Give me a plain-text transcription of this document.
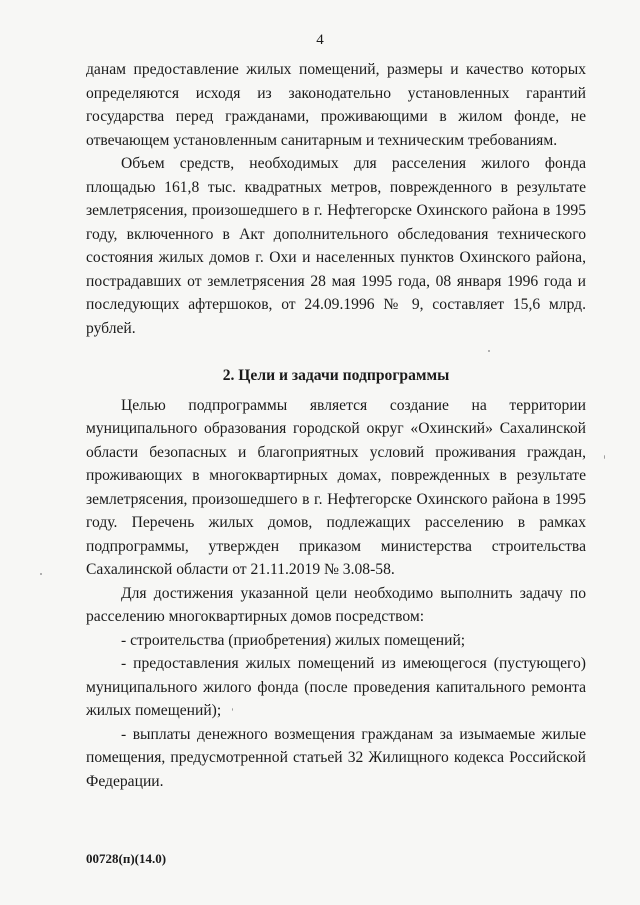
4

данам предоставление жилых помещений, размеры и качество которых определяются исходя из законодательно установленных гарантий государства перед гражданами, проживающими в жилом фонде, не отвечающем установленным санитарным и техническим требованиям.

Объем средств, необходимых для расселения жилого фонда площадью 161,8 тыс. квадратных метров, поврежденного в результате землетрясения, произошедшего в г. Нефтегорске Охинского района в 1995 году, включенного в Акт дополнительного обследования технического состояния жилых домов г. Охи и населенных пунктов Охинского района, пострадавших от землетрясения 28 мая 1995 года, 08 января 1996 года и последующих афтершоков, от 24.09.1996 № 9, составляет 15,6 млрд. рублей.

2. Цели и задачи подпрограммы

Целью подпрограммы является создание на территории муниципального образования городской округ «Охинский» Сахалинской области безопасных и благоприятных условий проживания граждан, проживающих в многоквартирных домах, поврежденных в результате землетрясения, произошедшего в г. Нефтегорске Охинского района в 1995 году. Перечень жилых домов, подлежащих расселению в рамках подпрограммы, утвержден приказом министерства строительства Сахалинской области от 21.11.2019 № 3.08-58.

Для достижения указанной цели необходимо выполнить задачу по расселению многоквартирных домов посредством:

- строительства (приобретения) жилых помещений;

- предоставления жилых помещений из имеющегося (пустующего) муниципального жилого фонда (после проведения капитального ремонта жилых помещений);

- выплаты денежного возмещения гражданам за изымаемые жилые помещения, предусмотренной статьей 32 Жилищного кодекса Российской Федерации.

00728(п)(14.0)
